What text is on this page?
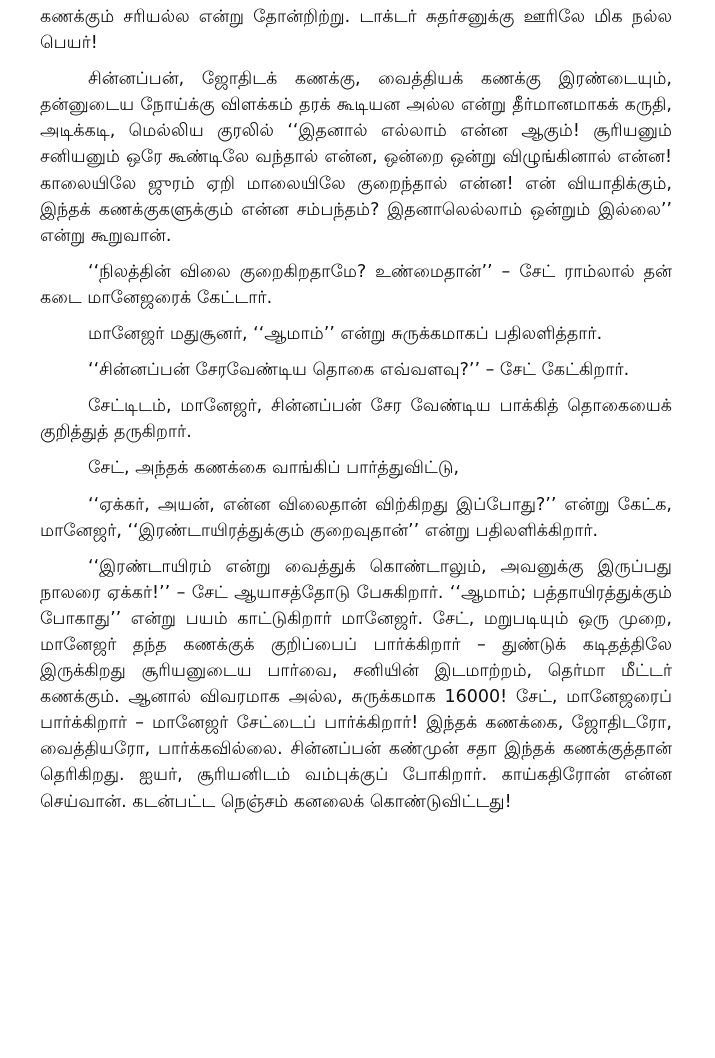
கணக்கும் சரியல்ல என்று தோன்றிற்று. டாக்டர் சுதர்சனுக்கு ஊரிலே மிக நல்ல பெயர்!

சின்னப்பன், ஜோதிடக் கணக்கு, வைத்தியக் கணக்கு இரண்டையும், தன்னுடைய நோய்க்கு விளக்கம் தரக் கூடியன அல்ல என்று தீர்மானமாகக் கருதி, அடிக்கடி, மெல்லிய குரலில் ‘‘இதனால் எல்லாம் என்ன ஆகும்! சூரியனும் சனியனும் ஒரே கூண்டிலே வந்தால் என்ன, ஒன்றை ஒன்று விழுங்கினால் என்ன! காலையிலே ஜுரம் ஏறி மாலையிலே குறைந்தால் என்ன! என் வியாதிக்கும், இந்தக் கணக்குகளுக்கும் என்ன சம்பந்தம்? இதனாலெல்லாம் ஒன்றும் இல்லை’’ என்று கூறுவான்.

‘‘நிலத்தின் விலை குறைகிறதாமே? உண்மைதான்’’ – சேட் ராம்லால் தன் கடை மானேஜரைக் கேட்டார்.

மானேஜர் மதுசூனர், ‘‘ஆமாம்’’ என்று சுருக்கமாகப் பதிலளித்தார்.

‘‘சின்னப்பன் சேரவேண்டிய தொகை எவ்வளவு?’’ – சேட் கேட்கிறார்.

சேட்டிடம், மானேஜர், சின்னப்பன் சேர வேண்டிய பாக்கித் தொகையைக் குறித்துத் தருகிறார்.

சேட், அந்தக் கணக்கை வாங்கிப் பார்த்துவிட்டு,

‘‘ஏக்கர், அயன், என்ன விலைதான் விற்கிறது இப்போது?’’ என்று கேட்க, மானேஜர், ‘‘இரண்டாயிரத்துக்கும் குறைவுதான்’’ என்று பதிலளிக்கிறார்.

‘‘இரண்டாயிரம் என்று வைத்துக் கொண்டாலும், அவனுக்கு இருப்பது நாலரை ஏக்கர்!’’ – சேட் ஆயாசத்தோடு பேசுகிறார். ‘‘ஆமாம்; பத்தாயிரத்துக்கும் போகாது’’ என்று பயம் காட்டுகிறார் மானேஜர். சேட், மறுபடியும் ஒரு முறை, மானேஜர் தந்த கணக்குக் குறிப்பைப் பார்க்கிறார் – துண்டுக் கடிதத்திலே இருக்கிறது சூரியனுடைய பார்வை, சனியின் இடமாற்றம், தெர்மா மீட்டர் கணக்கும். ஆனால் விவரமாக அல்ல, சுருக்கமாக 16000! சேட், மானேஜரைப் பார்க்கிறார் – மானேஜர் சேட்டைப் பார்க்கிறார்! இந்தக் கணக்கை, ஜோதிடரோ, வைத்தியரோ, பார்க்கவில்லை. சின்னப்பன் கண்முன் சதா இந்தக் கணக்குத்தான் தெரிகிறது. ஐயர், சூரியனிடம் வம்புக்குப் போகிறார். காய்கதிரோன் என்ன செய்வான். கடன்பட்ட நெஞ்சம் கனலைக் கொண்டுவிட்டது!
